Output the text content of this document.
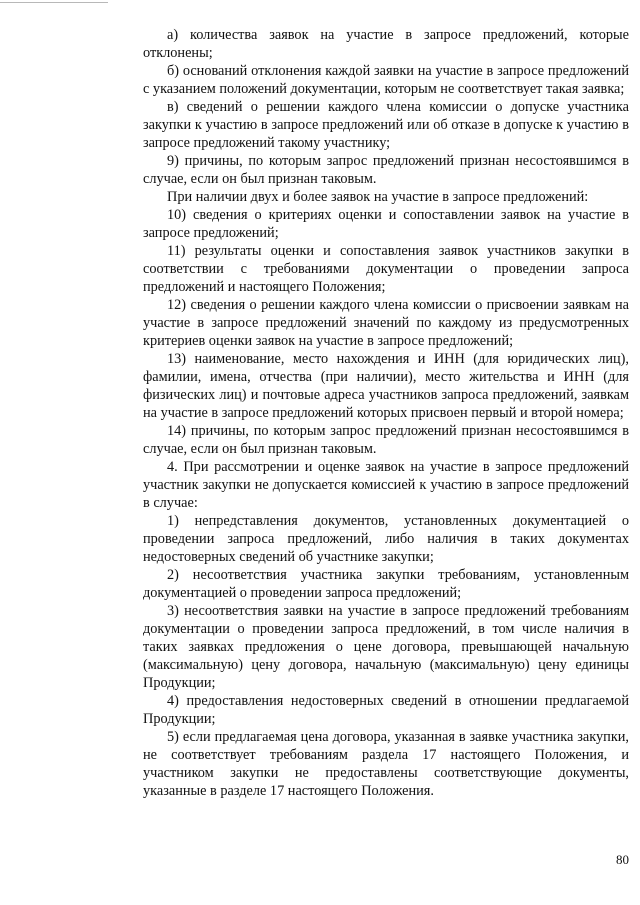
а) количества заявок на участие в запросе предложений, которые отклонены;

б) оснований отклонения каждой заявки на участие в запросе предложений с указанием положений документации, которым не соответствует такая заявка;

в) сведений о решении каждого члена комиссии о допуске участника закупки к участию в запросе предложений или об отказе в допуске к участию в запросе предложений такому участнику;

9) причины, по которым запрос предложений признан несостоявшимся в случае, если он был признан таковым.

При наличии двух и более заявок на участие в запросе предложений:

10) сведения о критериях оценки и сопоставлении заявок на участие в запросе предложений;

11) результаты оценки и сопоставления заявок участников закупки в соответствии с требованиями документации о проведении запроса предложений и настоящего Положения;

12) сведения о решении каждого члена комиссии о присвоении заявкам на участие в запросе предложений значений по каждому из предусмотренных критериев оценки заявок на участие в запросе предложений;

13) наименование, место нахождения и ИНН (для юридических лиц), фамилии, имена, отчества (при наличии), место жительства и ИНН (для физических лиц) и почтовые адреса участников запроса предложений, заявкам на участие в запросе предложений которых присвоен первый и второй номера;

14) причины, по которым запрос предложений признан несостоявшимся в случае, если он был признан таковым.

4. При рассмотрении и оценке заявок на участие в запросе предложений участник закупки не допускается комиссией к участию в запросе предложений в случае:

1) непредставления документов, установленных документацией о проведении запроса предложений, либо наличия в таких документах недостоверных сведений об участнике закупки;

2) несоответствия участника закупки требованиям, установленным документацией о проведении запроса предложений;

3) несоответствия заявки на участие в запросе предложений требованиям документации о проведении запроса предложений, в том числе наличия в таких заявках предложения о цене договора, превышающей начальную (максимальную) цену договора, начальную (максимальную) цену единицы Продукции;

4) предоставления недостоверных сведений в отношении предлагаемой Продукции;

5) если предлагаемая цена договора, указанная в заявке участника закупки, не соответствует требованиям раздела 17 настоящего Положения, и участником закупки не предоставлены соответствующие документы, указанные в разделе 17 настоящего Положения.

80
